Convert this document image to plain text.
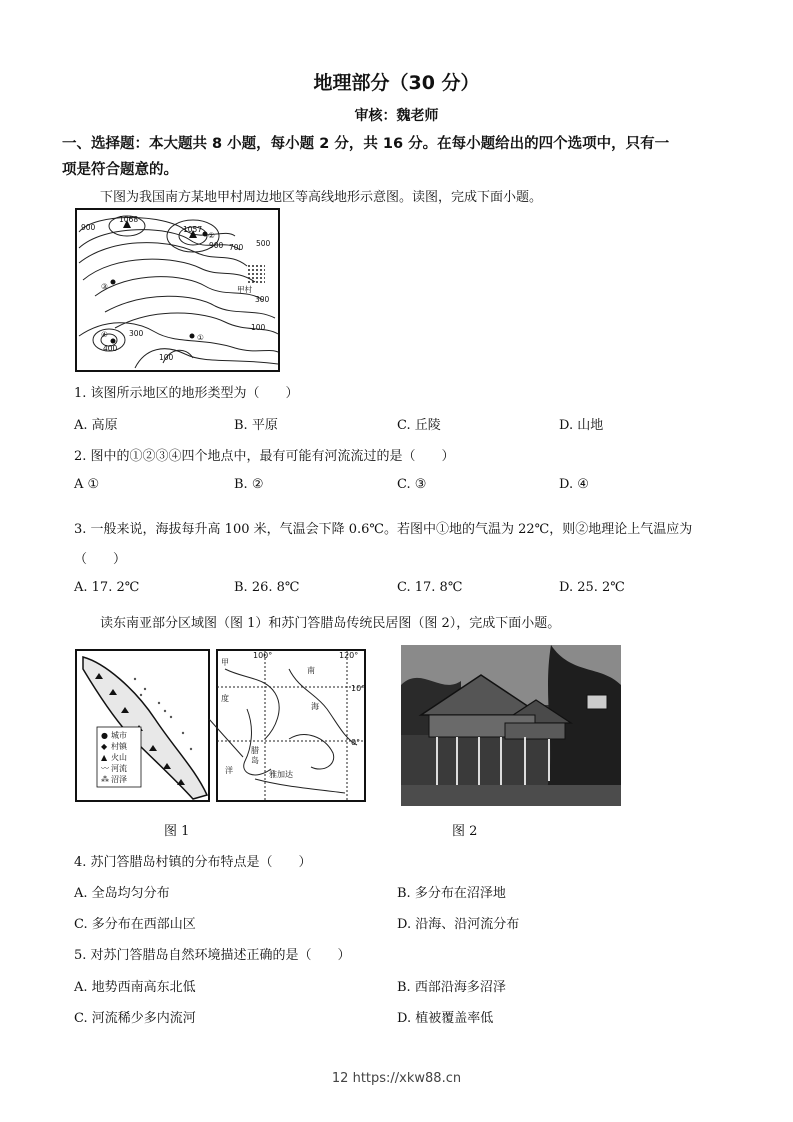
地理部分（30 分）
审核：魏老师
一、选择题：本大题共 8 小题，每小题 2 分，共 16 分。在每小题给出的四个选项中，只有一
项是符合题意的。
下图为我国南方某地甲村周边地区等高线地形示意图。读图，完成下面小题。
1068
1057
900
900 700 500
甲村
300
100
300
100
400
②
③
④	①
1. 该图所示地区的地形类型为（　　）
A. 高原	B. 平原	C. 丘陵	D. 山地
2. 图中的①②③④四个地点中，最有可能有河流流过的是（　　）
A ①	B. ②	C. ③	D. ④
3. 一般来说，海拔每升高 100 米，气温会下降 0.6℃。若图中①地的气温为 22℃，则②地理论上气温应为
（　　）
A. 17. 2℃	B. 26. 8℃	C. 17. 8℃	D. 25. 2℃
读东南亚部分区域图（图 1）和苏门答腊岛传统民居图（图 2），完成下面小题。
● 城市
◆ 村镇
▲ 火山
〰 河流
⁂ 沼泽
100°	120°
甲
南
10°
度
海
0°
腊
岛
雅加达
洋
图 1	图 2
4. 苏门答腊岛村镇的分布特点是（　　）
A. 全岛均匀分布	B. 多分布在沼泽地
C. 多分布在西部山区	D. 沿海、沿河流分布
5. 对苏门答腊岛自然环境描述正确的是（　　）
A. 地势西南高东北低	B. 西部沿海多沼泽
C. 河流稀少多内流河	D. 植被覆盖率低
12 https://xkw88.cn
